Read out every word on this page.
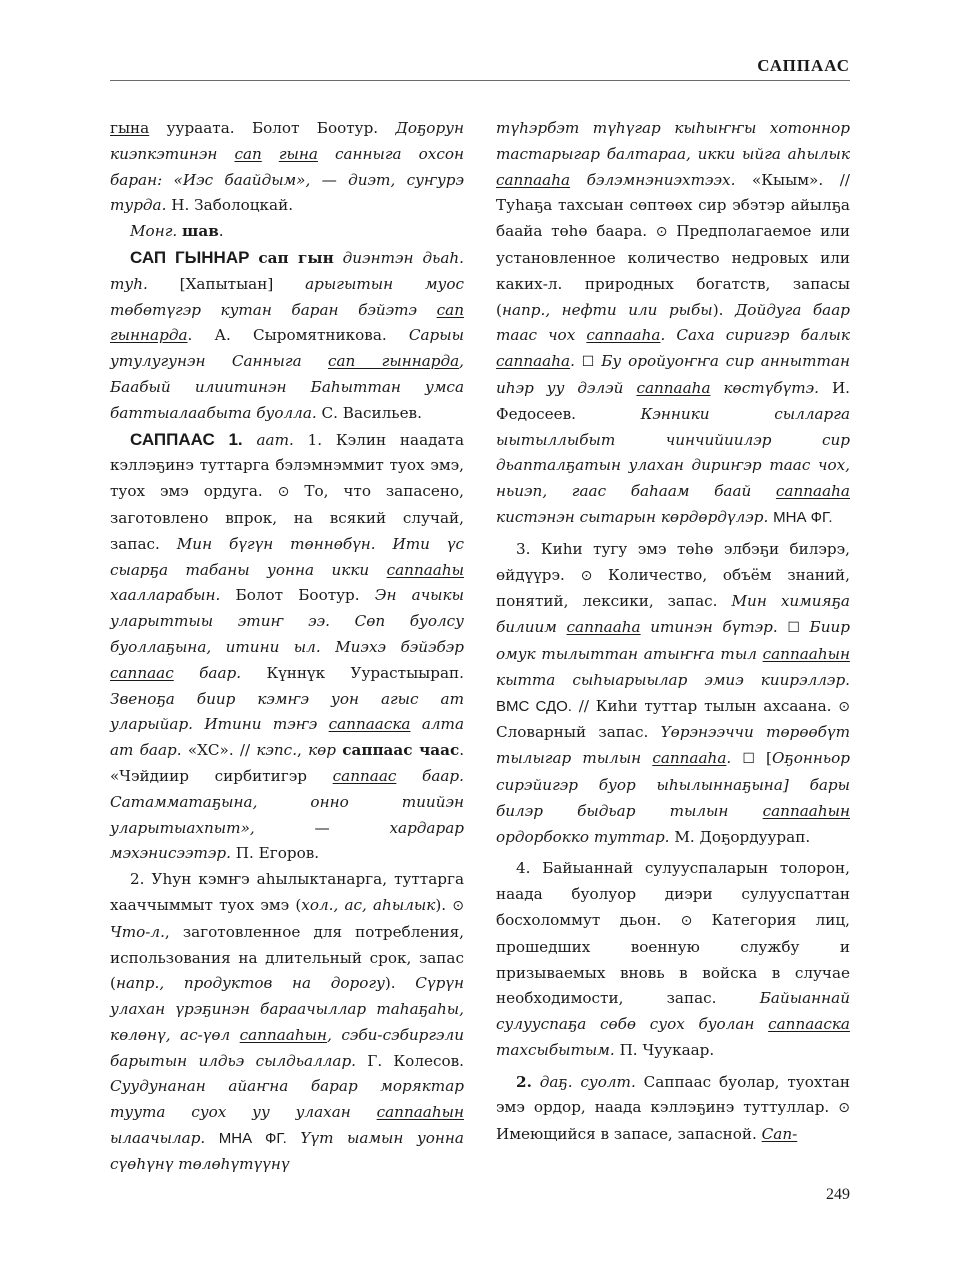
САППААС

гына уураата. Болот Боотур. Доҕорун киэпкэтинэн сап гына санныга охсон баран: «Иэс баайдым», — диэт, суҥурэ турда. Н. Заболоцкай.

Монг. шав.

САП ГЫННАР сап гын диэнтэн дьаh. туh. [Хапытыан] арыгытын муос төбөтүгэр кутан баран бэйэтэ сап гыннарда. А. Сыромятникова. Сарыы утулугунэн Санныга сап гыннарда, Баабый илиитинэн Баhыттан умса баттыалаабыта буолла. С. Васильев.

САППААС 1. аат. 1. Кэлин наадата кэллэҕинэ туттарга бэлэмнэммит туох эмэ, туох эмэ ордуга. ⊙ То, что запасено, заготовлено впрок, на всякий случай, запас. Мин бүгүн төннөбүн. Ити үс сыарҕа табаны уонна икки саппааhы хаалларабын. Болот Боотур. Эн ачыкы уларыттыы этиҥ ээ. Сөп буолсу буоллаҕына, итини ыл. Миэхэ бэйэбэр саппаас баар. Күннүк Уурастыырап. Звеноҕа биир кэмҥэ уон агыс ат уларыйар. Итини тэҥэ саппааска алта ат баар. «ХС». // кэпс., көр саппаас чаас. «Чэйдиир сирбитигэр саппаас баар. Сатамматаҕына, онно тиийэн уларытыахпыт», — хардарар мэхэнисээтэр. П. Егоров.

2. Уhун кэмҥэ аhылыктанарга, туттарга хааччыммыт туох эмэ (хол., ас, аhылык). ⊙ Что-л., заготовленное для потребления, использования на длительный срок, запас (напр., продуктов на дорогу). Сүрүн улахан үрэҕинэн бараачыллар таhаҕаhы, көлөнү, ас-үөл саппааhын, сэби-сэбиргэли барытын илдьэ сылдьаллар. Г. Колесов. Суудунанан айаҥна барар моряктар туута суох уу улахан саппааhын ылаачылар. МНА ФГ. Үүт ыамын уонна сүөhүнү төлөhүтүүнү

түhэрбэт түhүгар кыhыҥҥы хотоннор тастарыгар балтараа, икки ыйга аhылык саппааhа бэлэмнэниэхтээх. «Кыым». // Туhаҕа тахсыан сөптөөх сир эбэтэр айылҕа баайа төhө баара. ⊙ Предполагаемое или установленное количество недровых или каких-л. природных богатств, запасы (напр., нефти или рыбы). Дойдуга баар таас чох саппааhа. Саха сиригэр балык саппааhа. ☐ Бу оройуоҥҥа сир анныттан иhэр уу дэлэй саппааhа көстүбүтэ. И. Федосеев. Кэнники сылларга ыытыллыбыт чинчийиилэр сир дьапталҕатын улахан дириҥэр таас чох, ньиэп, гаас баhаам баай саппааhа кистэнэн сытарын көрдөрдүлэр. МНА ФГ.

3. Киhи тугу эмэ төhө элбэҕи билэрэ, өйдүүрэ. ⊙ Количество, объём знаний, понятий, лексики, запас. Мин химияҕа билиим саппааhа итинэн бүтэр. ☐ Биир омук тылыттан атыҥҥа тыл саппааhын кытта сыhыарыылар эмиэ киирэллэр. ВМС СДО. // Киhи туттар тылын ахсаана. ⊙ Словарный запас. Үөрэнээччи төрөөбүт тылыгар тылын саппааhа. ☐ [Оҕонньор сирэйигэр буор ыhылыннаҕына] бары билэр быдьар тылын саппааhын ордорбокко туттар. М. Доҕордуурап.

4. Байыаннай сулууспаларын толорон, наада буолуор диэри сулууспаттан босхоломмут дьон. ⊙ Категория лиц, прошедших военную службу и призываемых вновь в войска в случае необходимости, запас. Байыаннай сулууспаҕа сөбө суох буолан саппааска тахсыбытым. П. Чуукаар.

2. даҕ. суолт. Саппаас буолар, туохтан эмэ ордор, наада кэллэҕинэ туттуллар. ⊙ Имеющийся в запасе, запасной. Сап-

249
